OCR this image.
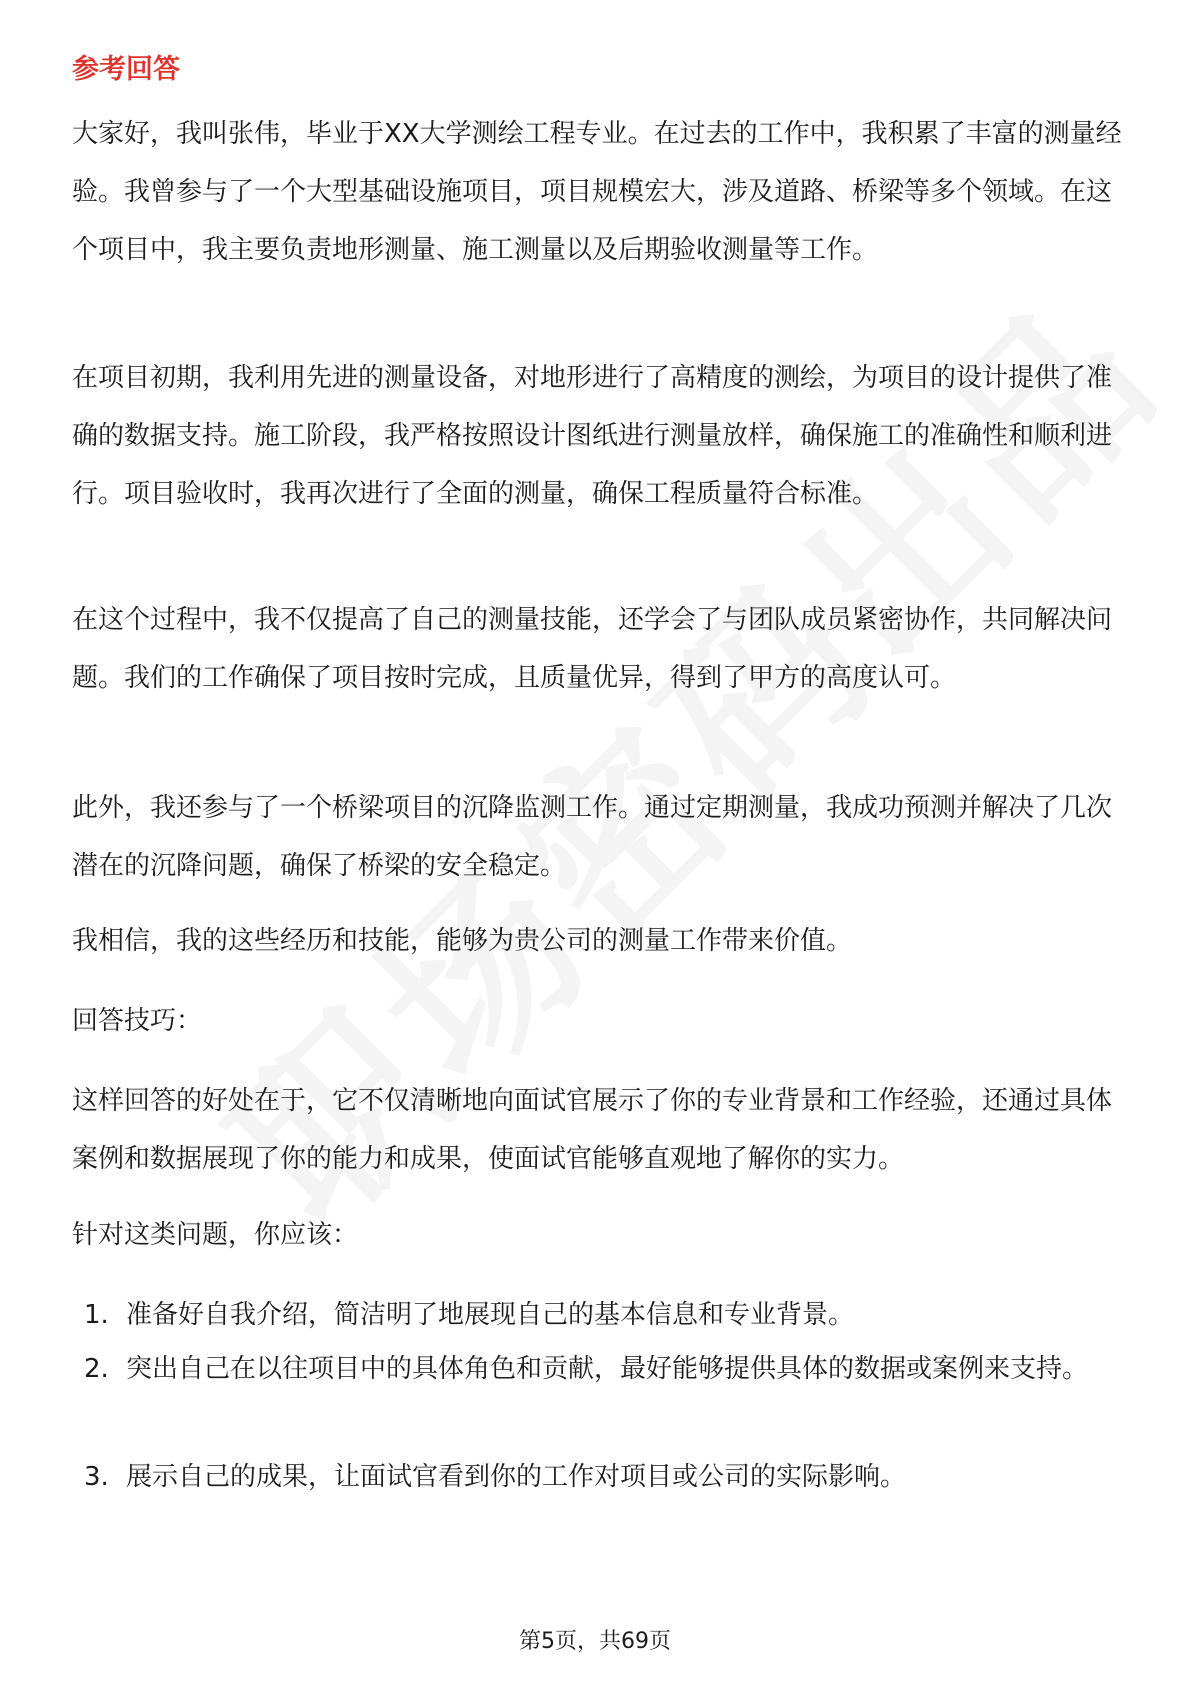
参考回答

大家好，我叫张伟，毕业于XX大学测绘工程专业。在过去的工作中，我积累了丰富的测量经验。我曾参与了一个大型基础设施项目，项目规模宏大，涉及道路、桥梁等多个领域。在这个项目中，我主要负责地形测量、施工测量以及后期验收测量等工作。

在项目初期，我利用先进的测量设备，对地形进行了高精度的测绘，为项目的设计提供了准确的数据支持。施工阶段，我严格按照设计图纸进行测量放样，确保施工的准确性和顺利进行。项目验收时，我再次进行了全面的测量，确保工程质量符合标准。

在这个过程中，我不仅提高了自己的测量技能，还学会了与团队成员紧密协作，共同解决问题。我们的工作确保了项目按时完成，且质量优异，得到了甲方的高度认可。

此外，我还参与了一个桥梁项目的沉降监测工作。通过定期测量，我成功预测并解决了几次潜在的沉降问题，确保了桥梁的安全稳定。

我相信，我的这些经历和技能，能够为贵公司的测量工作带来价值。

回答技巧：

这样回答的好处在于，它不仅清晰地向面试官展示了你的专业背景和工作经验，还通过具体案例和数据展现了你的能力和成果，使面试官能够直观地了解你的实力。

针对这类问题，你应该：

1. 准备好自我介绍，简洁明了地展现自己的基本信息和专业背景。
2. 突出自己在以往项目中的具体角色和贡献，最好能够提供具体的数据或案例来支持。
3. 展示自己的成果，让面试官看到你的工作对项目或公司的实际影响。
第5页，共69页
